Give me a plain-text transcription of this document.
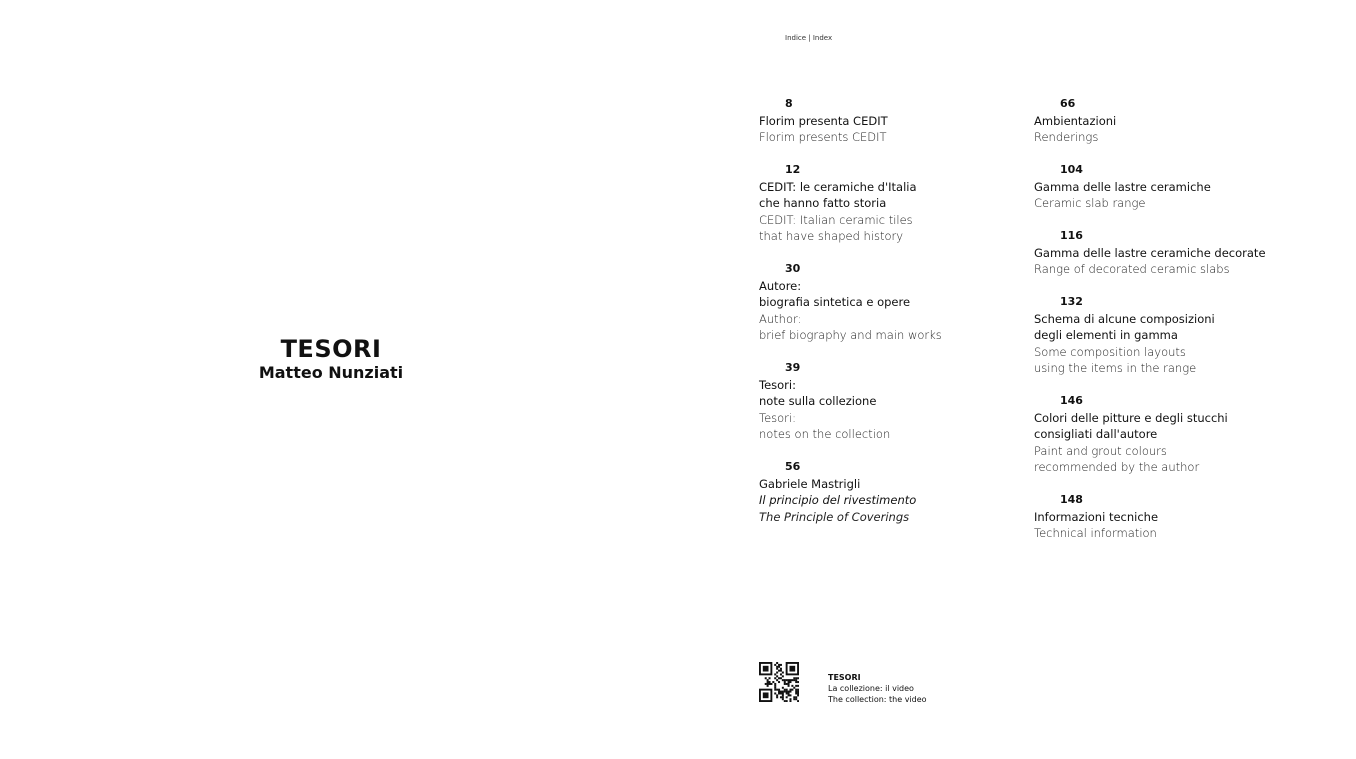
TESORI
Matteo Nunziati
Indice | Index
8
Florim presenta CEDIT
Florim presents CEDIT
12
CEDIT: le ceramiche d'Italia
che hanno fatto storia
CEDIT: Italian ceramic tiles
that have shaped history
30
Autore:
biografia sintetica e opere
Author:
brief biography and main works
39
Tesori:
note sulla collezione
Tesori:
notes on the collection
56
Gabriele Mastrigli
Il principio del rivestimento
The Principle of Coverings
66
Ambientazioni
Renderings
104
Gamma delle lastre ceramiche
Ceramic slab range
116
Gamma delle lastre ceramiche decorate
Range of decorated ceramic slabs
132
Schema di alcune composizioni
degli elementi in gamma
Some composition layouts
using the items in the range
146
Colori delle pitture e degli stucchi
consigliati dall'autore
Paint and grout colours
recommended by the author
148
Informazioni tecniche
Technical information
TESORI
La collezione: il video
The collection: the video
